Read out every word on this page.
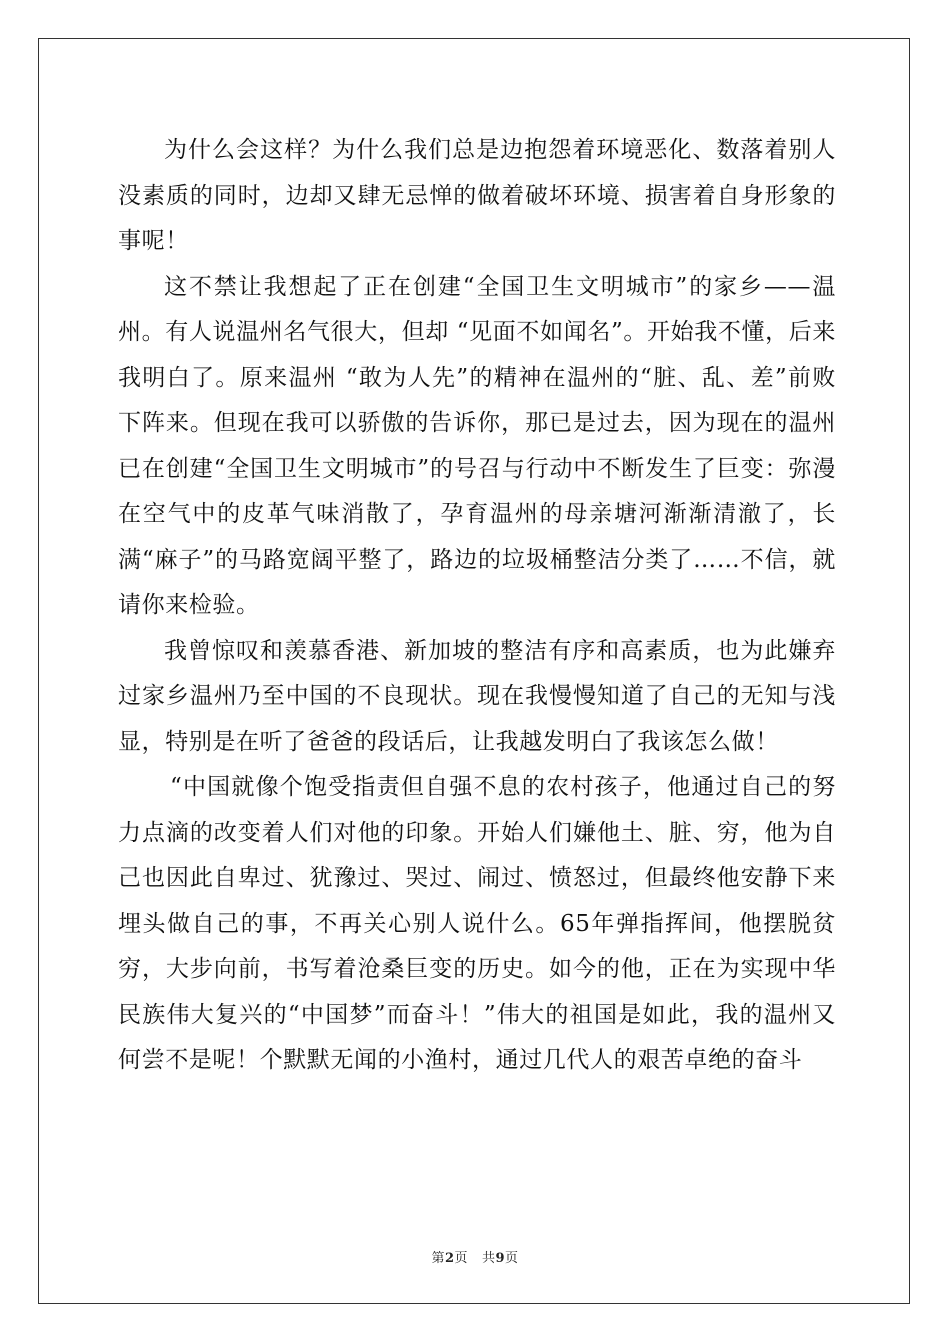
为什么会这样？为什么我们总是边抱怨着环境恶化、数落着别人没素质的同时，边却又肆无忌惮的做着破坏环境、损害着自身形象的事呢！

这不禁让我想起了正在创建“全国卫生文明城市”的家乡——温州。有人说温州名气很大，但却 “见面不如闻名”。开始我不懂，后来我明白了。原来温州 “敢为人先”的精神在温州的“脏、乱、差”前败下阵来。但现在我可以骄傲的告诉你，那已是过去，因为现在的温州已在创建“全国卫生文明城市”的号召与行动中不断发生了巨变：弥漫在空气中的皮革气味消散了，孕育温州的母亲塘河渐渐清澈了，长满“麻子”的马路宽阔平整了，路边的垃圾桶整洁分类了……不信，就请你来检验。

我曾惊叹和羡慕香港、新加坡的整洁有序和高素质，也为此嫌弃过家乡温州乃至中国的不良现状。现在我慢慢知道了自己的无知与浅显，特别是在听了爸爸的段话后，让我越发明白了我该怎么做！

“中国就像个饱受指责但自强不息的农村孩子，他通过自己的努力点滴的改变着人们对他的印象。开始人们嫌他土、脏、穷，他为自己也因此自卑过、犹豫过、哭过、闹过、愤怒过，但最终他安静下来埋头做自己的事，不再关心别人说什么。65年弹指挥间，他摆脱贫穷，大步向前，书写着沧桑巨变的历史。如今的他，正在为实现中华民族伟大复兴的“中国梦”而奋斗！”伟大的祖国是如此，我的温州又何尝不是呢！个默默无闻的小渔村，通过几代人的艰苦卓绝的奋斗

第2页 共9页
